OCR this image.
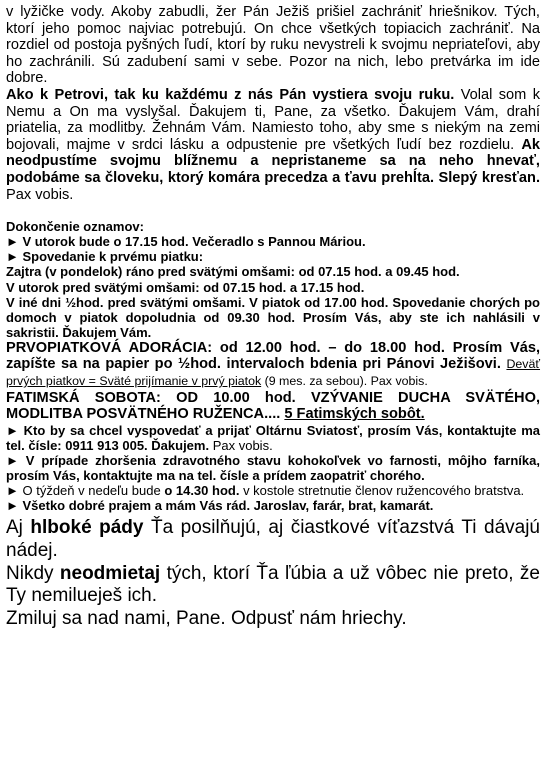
v lyžičke vody. Akoby zabudli, žer Pán Ježiš prišiel zachrániť hriešnikov. Tých, ktorí jeho pomoc najviac potrebujú. On chce všetkých topiacich zachrániť. Na rozdiel od postoja pyšných ľudí, ktorí by ruku nevystreli k svojmu nepriateľovi, aby ho zachránili. Sú zadubení sami v sebe. Pozor na nich, lebo pretvárka im ide dobre.

Ako k Petrovi, tak ku každému z nás Pán vystiera svoju ruku. Volal som k Nemu a On ma vyslyšal. Ďakujem ti, Pane, za všetko. Ďakujem Vám, drahí priatelia, za modlitby. Žehnám Vám. Namiesto toho, aby sme s niekým na zemi bojovali, majme v srdci lásku a odpustenie pre všetkých ľudí bez rozdielu. Ak neodpustíme svojmu blížnemu a nepristaneme sa na neho hnevať, podobáme sa človeku, ktorý komára precedza a ťavu prehĺta. Slepý kresťan. Pax vobis.

Dokončenie oznamov:

► V utorok bude o 17.15 hod. Večeradlo s Pannou Máriou.

► Spovedanie k prvému piatku:

Zajtra (v pondelok) ráno pred svätými omšami: od 07.15 hod. a 09.45 hod.

V utorok pred svätými omšami: od 07.15 hod. a 17.15 hod.

V iné dni ½hod. pred svätými omšami. V piatok od 17.00 hod. Spovedanie chorých po domoch v piatok dopoludnia od 09.30 hod. Prosím Vás, aby ste ich nahlásili v sakristii. Ďakujem Vám.

PRVOPIATKOVÁ ADORÁCIA: od 12.00 hod. – do 18.00 hod. Prosím Vás, zapíšte sa na papier po ½hod. intervaloch bdenia pri Pánovi Ježišovi. Deväť prvých piatkov = Sväté prijímanie v prvý piatok (9 mes. za sebou). Pax vobis.

FATIMSKÁ SOBOTA: OD 10.00 hod. VZÝVANIE DUCHA SVÄTÉHO, MODLITBA POSVÄTNÉHO RUŽENCA.... 5 Fatimských sobôt.

► Kto by sa chcel vyspovedať a prijať Oltárnu Sviatosť, prosím Vás, kontaktujte ma tel. čísle: 0911 913 005. Ďakujem. Pax vobis.

► V prípade zhoršenia zdravotného stavu kohokoľvek vo farnosti, môjho farníka, prosím Vás, kontaktujte ma na tel. čísle a prídem zaopatriť chorého.

► O týždeň v nedeľu bude o 14.30 hod. v kostole stretnutie členov ružencového bratstva.

► Všetko dobré prajem a mám Vás rád. Jaroslav, farár, brat, kamarát.

Aj hlboké pády Ťa posilňujú, aj čiastkové víťazstvá Ti dávajú nádej.

Nikdy neodmietaj tých, ktorí Ťa ľúbia a už vôbec nie preto, že Ty nemilueješ ich.

Zmiluj sa nad nami, Pane. Odpusť nám hriechy.
